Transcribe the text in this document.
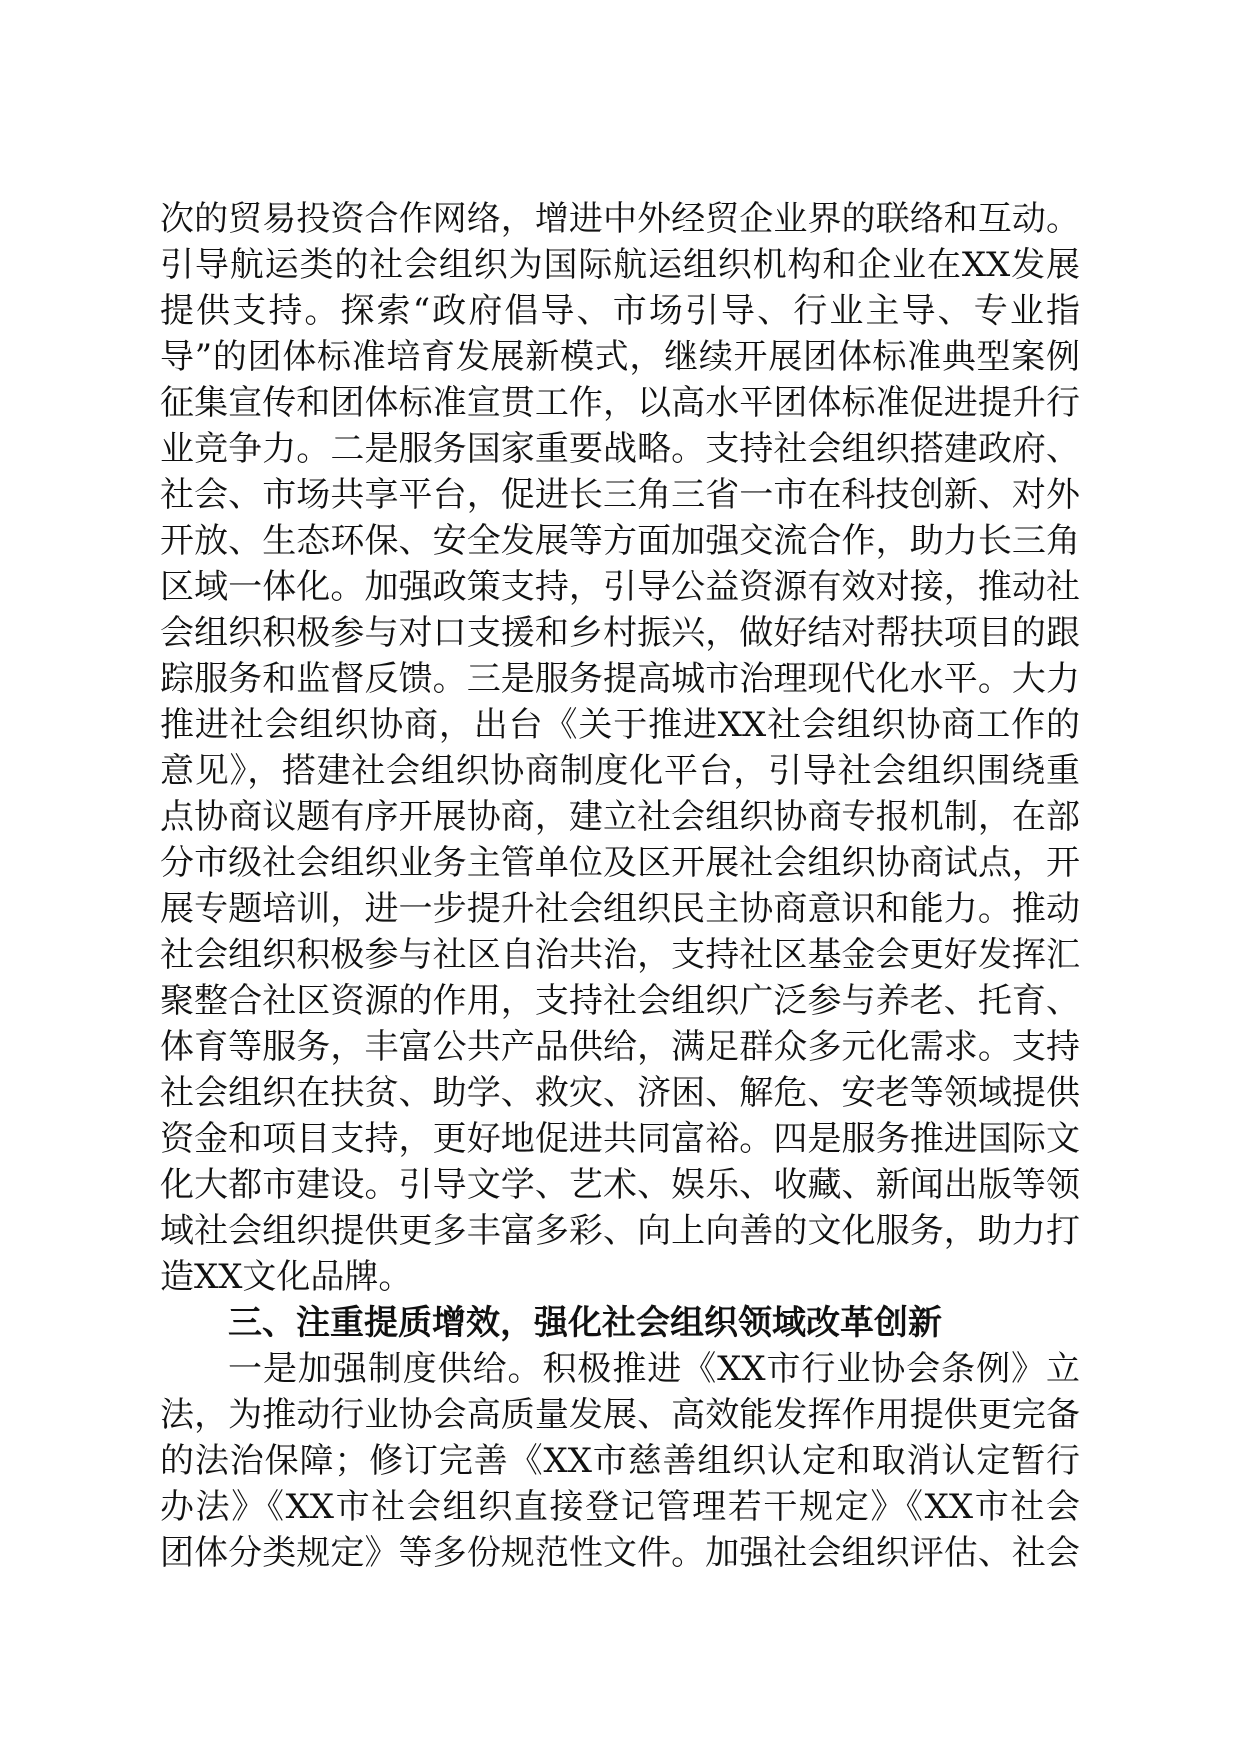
次的贸易投资合作网络，增进中外经贸企业界的联络和互动。

引导航运类的社会组织为国际航运组织机构和企业在XX发展

提供支持。探索“政府倡导、市场引导、行业主导、专业指

导”的团体标准培育发展新模式，继续开展团体标准典型案例

征集宣传和团体标准宣贯工作，以高水平团体标准促进提升行

业竞争力。二是服务国家重要战略。支持社会组织搭建政府、

社会、市场共享平台，促进长三角三省一市在科技创新、对外

开放、生态环保、安全发展等方面加强交流合作，助力长三角

区域一体化。加强政策支持，引导公益资源有效对接，推动社

会组织积极参与对口支援和乡村振兴，做好结对帮扶项目的跟

踪服务和监督反馈。三是服务提高城市治理现代化水平。大力

推进社会组织协商，出台《关于推进XX社会组织协商工作的

意见》，搭建社会组织协商制度化平台，引导社会组织围绕重

点协商议题有序开展协商，建立社会组织协商专报机制，在部

分市级社会组织业务主管单位及区开展社会组织协商试点，开

展专题培训，进一步提升社会组织民主协商意识和能力。推动

社会组织积极参与社区自治共治，支持社区基金会更好发挥汇

聚整合社区资源的作用，支持社会组织广泛参与养老、托育、

体育等服务，丰富公共产品供给，满足群众多元化需求。支持

社会组织在扶贫、助学、救灾、济困、解危、安老等领域提供

资金和项目支持，更好地促进共同富裕。四是服务推进国际文

化大都市建设。引导文学、艺术、娱乐、收藏、新闻出版等领

域社会组织提供更多丰富多彩、向上向善的文化服务，助力打

造XX文化品牌。

三、注重提质增效，强化社会组织领域改革创新

一是加强制度供给。积极推进《XX市行业协会条例》立

法，为推动行业协会高质量发展、高效能发挥作用提供更完备

的法治保障；修订完善《XX市慈善组织认定和取消认定暂行

办法》《XX市社会组织直接登记管理若干规定》《XX市社会

团体分类规定》等多份规范性文件。加强社会组织评估、社会
